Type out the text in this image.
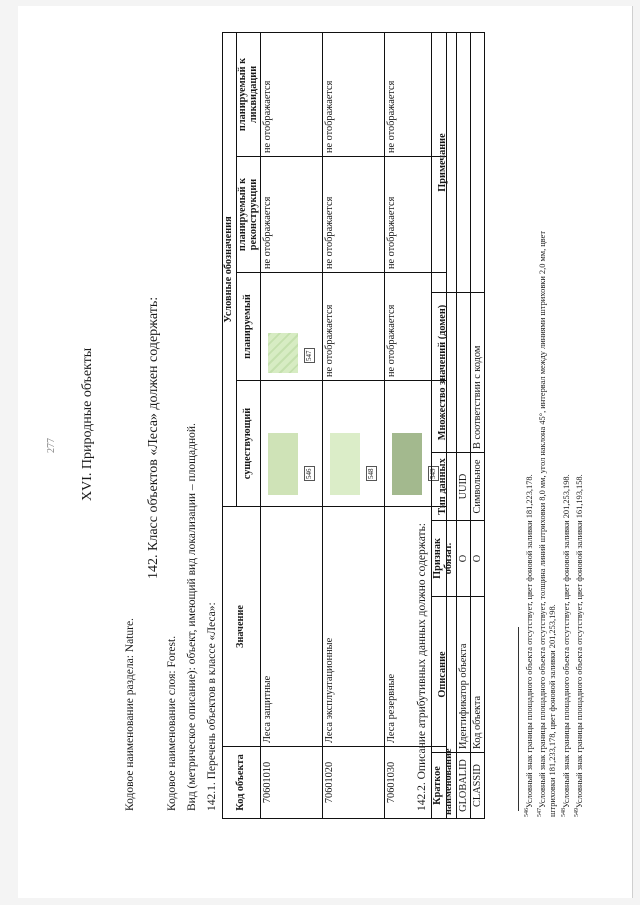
277 XVI. Природные объекты
Кодовое наименование раздела: Nature.
142. Класс объектов «Леса» должен содержать:
Кодовое наименование слоя: Forest. Вид (метрическое описание): объект, имеющий вид локализации – площадной. 142.1. Перечень объектов в классе «Леса»: Код объекта	Значение	Условные обозначения			
		существующий	планируемый	планируемый к реконструкции	планируемый к ликвидации
70601010	Леса защитные	546	547	не отображается	не отображается
70601020	Леса эксплуатационные	548	не отображается	не отображается	не отображается
70601030	Леса резервные	549	не отображается	не отображается	не отображается
142.2. Описание атрибутивных данных должно содержать: Краткое наименование	Описание	Признак обязат.	Тип данных	Множество значений (домен)	Примечание
GLOBALID	Идентификатор объекта	О	UUID		
CLASSID	Код объекта	О	Символьное	В соответствии с кодом	
$^{546}$Условный знак границы площадного объекта отсутствует, цвет фоновой заливки 181,223,178.
$^{547}$Условный знак границы площадного объекта отсутствует, толщина линий штриховки 8,0 мм, угол наклона 45°, интервал между линиями штриховки 2,0 мм, цвет штриховки 181,233,178, цвет фоновой заливки 201,253,198. $^{548}$Условный знак границы площадного объекта отсутствует, цвет фоновой заливки 201,253,198.
$^{549}$Условный знак границы площадного объекта отсутствует, цвет фоновой заливки 161,193,158.
